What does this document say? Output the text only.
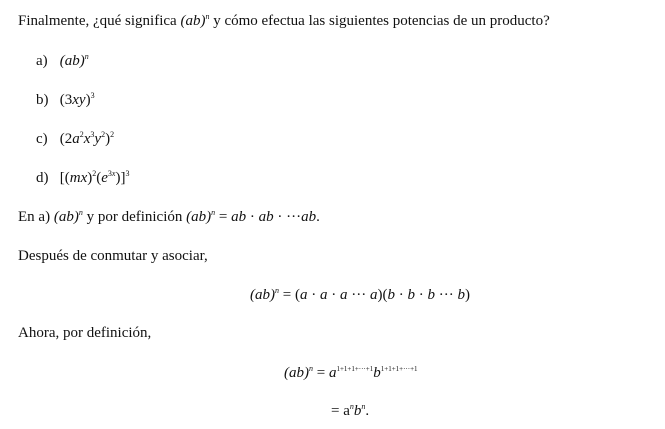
Finalmente, ¿qué significa (ab)$^n$ y cómo efectua las siguientes potencias de un producto?
a) (ab)$^n$
b) $(3xy)^3$
c) $(2a^2x^3y^2)^2$
d) $[(mx)^2(e^{3x})]^3$
En a) (ab)$^n$ y por definición (ab)$^n$ = ab · ab · ···ab.
Después de conmutar y asociar,
(ab)$^n$ = (a · a · a ··· a)(b · b · b ··· b)
Ahora, por definición,
$(ab)^n = a^{1+1+1+\cdot\cdot\cdot+1}b^{1+1+1+\cdot\cdot\cdot+1}$
= $a^nb^n$.
